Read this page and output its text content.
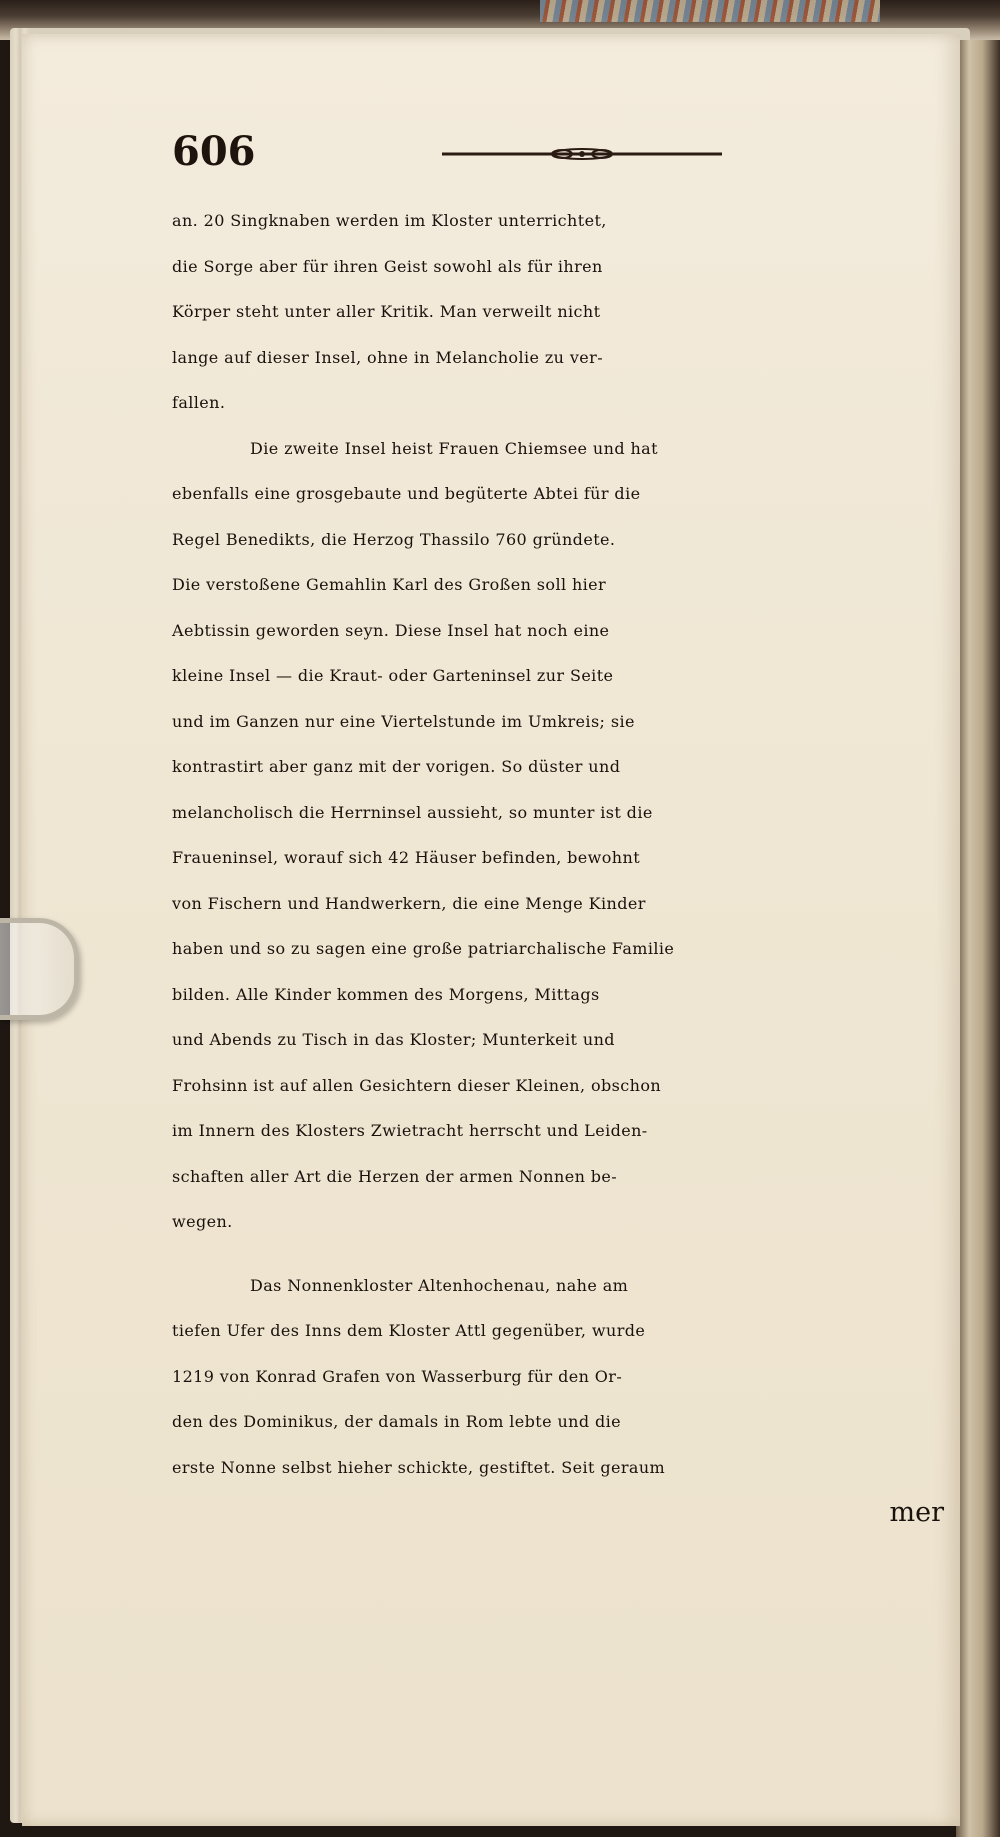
606
an. 20 Singknaben werden im Kloster unterrichtet,
die Sorge aber für ihren Geist sowohl als für ihren
Körper steht unter aller Kritik. Man verweilt nicht
lange auf dieser Insel, ohne in Melancholie zu ver-
fallen.
Die zweite Insel heist Frauen Chiemsee und hat
ebenfalls eine grosgebaute und begüterte Abtei für die
Regel Benedikts, die Herzog Thassilo 760 gründete.
Die verstoßene Gemahlin Karl des Großen soll hier
Aebtissin geworden seyn. Diese Insel hat noch eine
kleine Insel — die Kraut- oder Garteninsel zur Seite
und im Ganzen nur eine Viertelstunde im Umkreis; sie
kontrastirt aber ganz mit der vorigen. So düster und
melancholisch die Herrninsel aussieht, so munter ist die
Fraueninsel, worauf sich 42 Häuser befinden, bewohnt
von Fischern und Handwerkern, die eine Menge Kinder
haben und so zu sagen eine große patriarchalische Familie
bilden. Alle Kinder kommen des Morgens, Mittags
und Abends zu Tisch in das Kloster; Munterkeit und
Frohsinn ist auf allen Gesichtern dieser Kleinen, obschon
im Innern des Klosters Zwietracht herrscht und Leiden-
schaften aller Art die Herzen der armen Nonnen be-
wegen.
Das Nonnenkloster Altenhochenau, nahe am
tiefen Ufer des Inns dem Kloster Attl gegenüber, wurde
1219 von Konrad Grafen von Wasserburg für den Or-
den des Dominikus, der damals in Rom lebte und die
erste Nonne selbst hieher schickte, gestiftet. Seit geraum
mer
